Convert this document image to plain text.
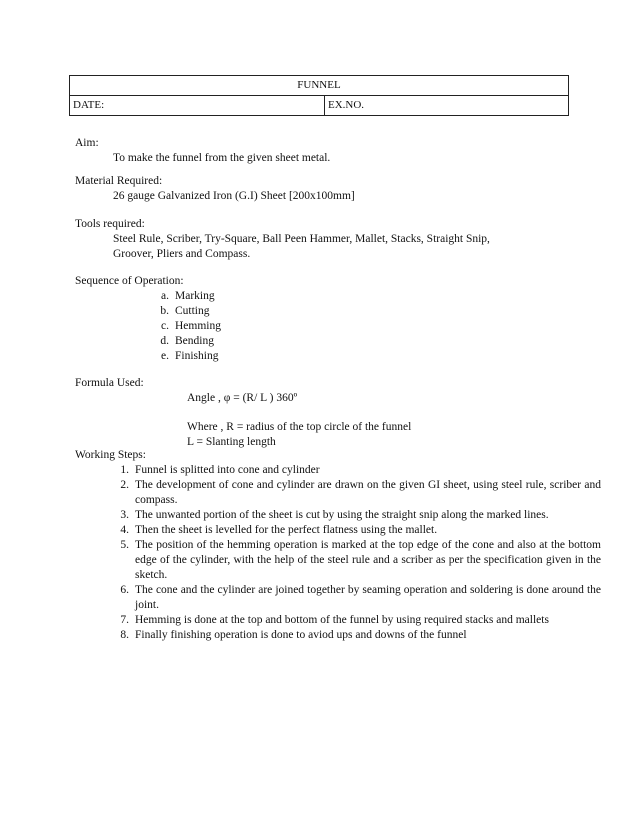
FUNNEL
DATE:	EX.NO.
Aim:
To make the funnel from the given sheet metal.
Material Required:
26 gauge Galvanized Iron (G.I) Sheet [200x100mm]
Tools required:
Steel Rule, Scriber, Try-Square, Ball Peen Hammer, Mallet, Stacks, Straight Snip,
Groover, Pliers and Compass.
Sequence of Operation:
a. Marking
b. Cutting
c. Hemming
d. Bending
e. Finishing
Formula Used:
Angle , φ = (R/ L ) 360º
Where , R = radius of the top circle of the funnel
L = Slanting length
Working Steps:
1. Funnel is splitted into cone and cylinder
2. The development of cone and cylinder are drawn on the given GI sheet, using steel rule, scriber and compass.
3. The unwanted portion of the sheet is cut by using the straight snip along the marked lines.
4. Then the sheet is levelled for the perfect flatness using the mallet.
5. The position of the hemming operation is marked at the top edge of the cone and also at the bottom edge of the cylinder, with the help of the steel rule and a scriber as per the specification given in the sketch.
6. The cone and the cylinder are joined together by seaming operation and soldering is done around the joint.
7. Hemming is done at the top and bottom of the funnel by using required stacks and mallets
8. Finally finishing operation is done to aviod ups and downs of the funnel
